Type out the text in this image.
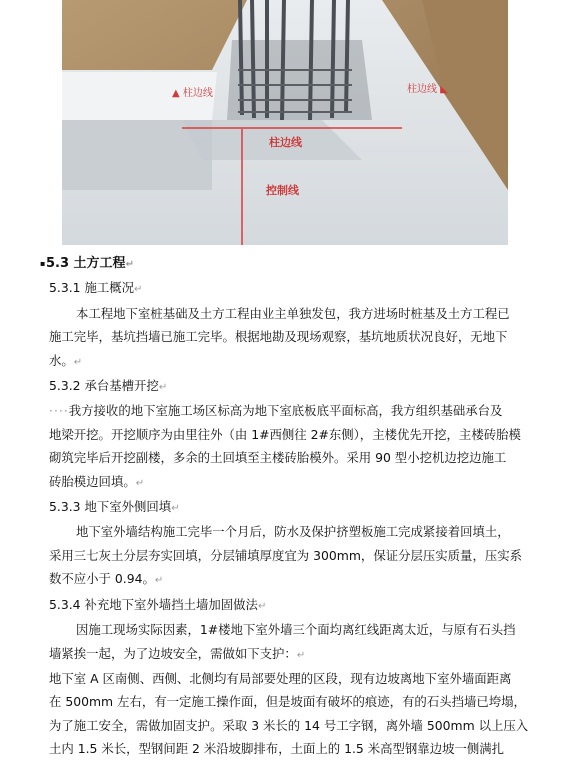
▲ 柱边线	柱边线 ◣
柱边线
控制线
▪5.3 土方工程↵
5.3.1 施工概况↵
本工程地下室桩基础及土方工程由业主单独发包，我方进场时桩基及土方工程已
施工完毕，基坑挡墙已施工完毕。根据地勘及现场观察，基坑地质状况良好，无地下
水。↵
5.3.2 承台基槽开挖↵
····我方接收的地下室施工场区标高为地下室底板底平面标高，我方组织基础承台及
地梁开挖。开挖顺序为由里往外（由 1#西侧往 2#东侧），主楼优先开挖，主楼砖胎模
砌筑完毕后开挖副楼，多余的土回填至主楼砖胎模外。采用 90 型小挖机边挖边施工
砖胎模边回填。↵
5.3.3 地下室外侧回填↵
地下室外墙结构施工完毕一个月后，防水及保护挤塑板施工完成紧接着回填土，
采用三七灰土分层夯实回填，分层铺填厚度宜为 300mm，保证分层压实质量，压实系
数不应小于 0.94。↵
5.3.4 补充地下室外墙挡土墙加固做法↵
因施工现场实际因素，1#楼地下室外墙三个面均离红线距离太近，与原有石头挡
墙紧挨一起，为了边坡安全，需做如下支护：↵
地下室 A 区南侧、西侧、北侧均有局部要处理的区段，现有边坡离地下室外墙面距离
在 500mm 左右，有一定施工操作面，但是坡面有破坏的痕迹，有的石头挡墙已垮塌，
为了施工安全，需做加固支护。采取 3 米长的 14 号工字钢，离外墙 500mm 以上压入
土内 1.5 米长，型钢间距 2 米沿坡脚排布，土面上的 1.5 米高型钢靠边坡一侧满扎
